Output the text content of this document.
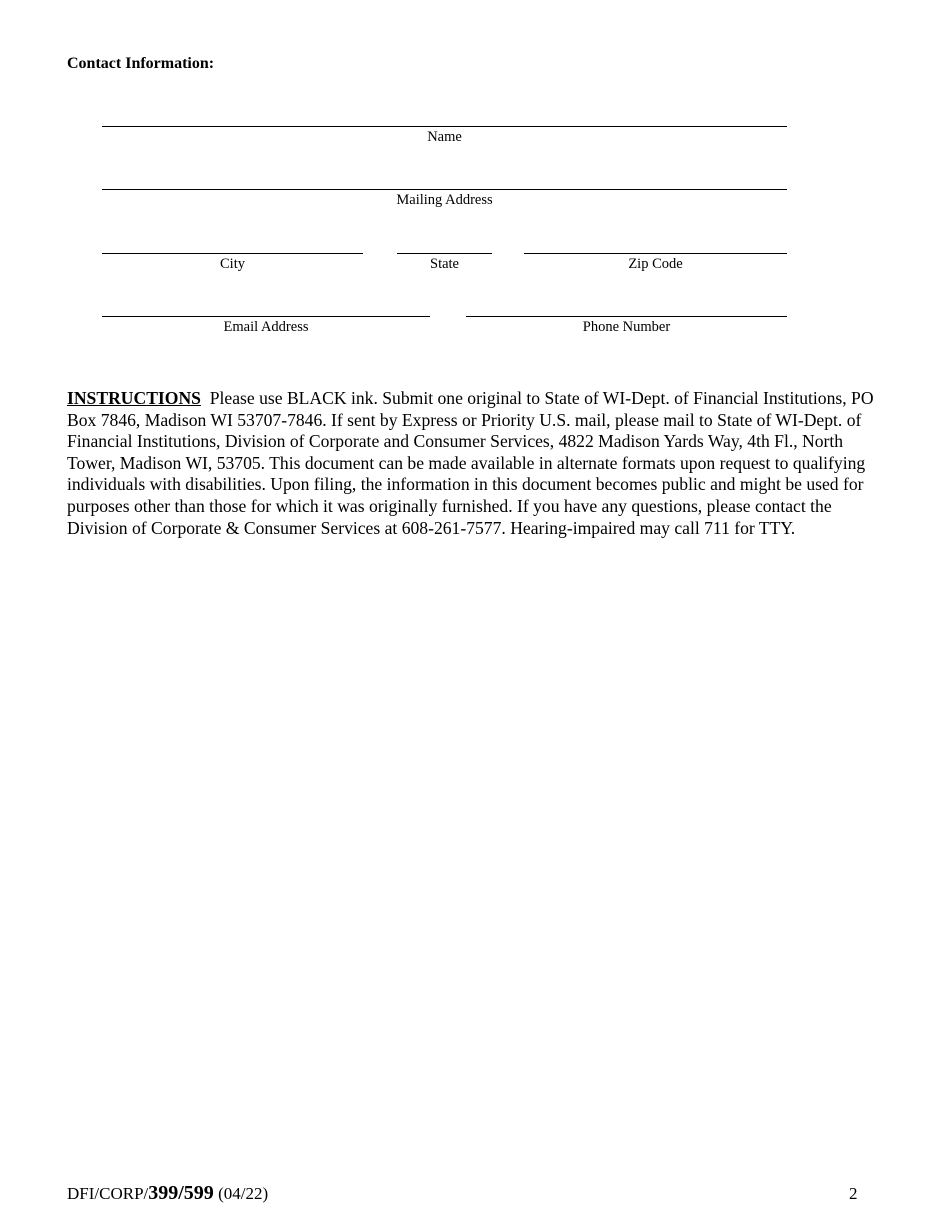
Contact Information:
Name
Mailing Address
City	State	Zip Code
Email Address	Phone Number

INSTRUCTIONS Please use BLACK ink. Submit one original to State of WI-Dept. of Financial Institutions, PO Box 7846, Madison WI 53707-7846. If sent by Express or Priority U.S. mail, please mail to State of WI-Dept. of Financial Institutions, Division of Corporate and Consumer Services, 4822 Madison Yards Way, 4th Fl., North Tower, Madison WI, 53705. This document can be made available in alternate formats upon request to qualifying individuals with disabilities. Upon filing, the information in this document becomes public and might be used for purposes other than those for which it was originally furnished. If you have any questions, please contact the Division of Corporate & Consumer Services at 608-261-7577. Hearing-impaired may call 711 for TTY.

DFI/CORP/399/599 (04/22)	2
